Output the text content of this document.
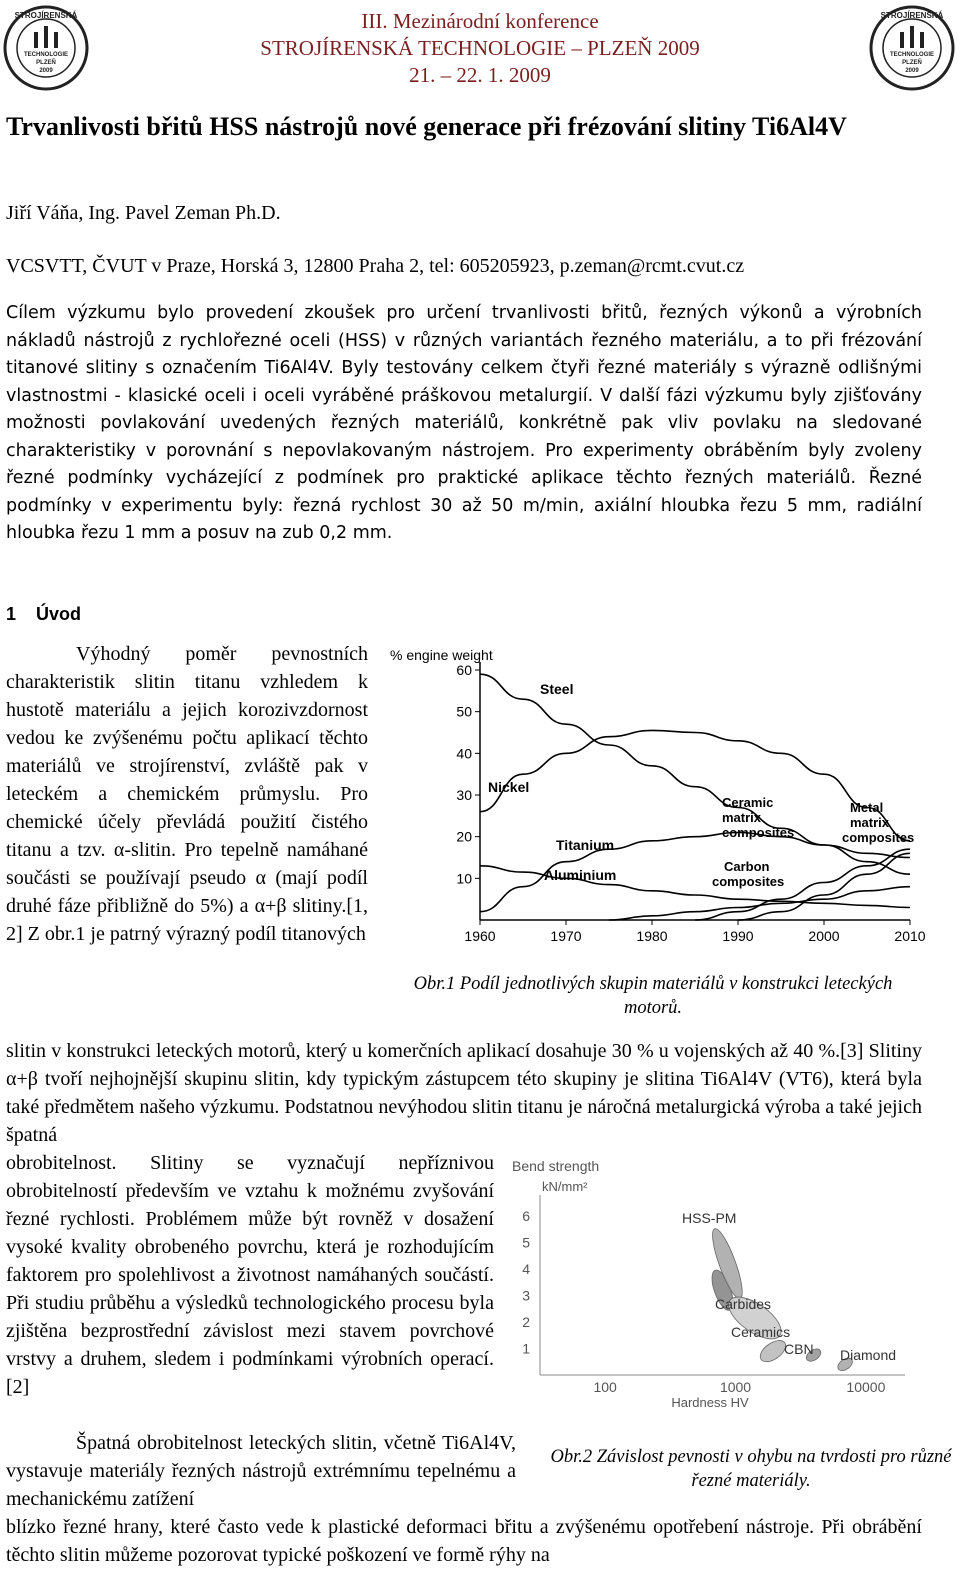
STROJÍRENSKÁ
TECHNOLOGIE
PLZEŇ
2009
STROJÍRENSKÁ
TECHNOLOGIE
PLZEŇ
2009
III. Mezinárodní konference
STROJÍRENSKÁ TECHNOLOGIE – PLZEŇ 2009
21. – 22. 1. 2009
Trvanlivosti břitů HSS nástrojů nové generace při frézování slitiny Ti6Al4V
Jiří Váňa, Ing. Pavel Zeman Ph.D.
VCSVTT, ČVUT v Praze, Horská 3, 12800 Praha 2, tel: 605205923, p.zeman@rcmt.cvut.cz
Cílem výzkumu bylo provedení zkoušek pro určení trvanlivosti břitů, řezných výkonů a výrobních nákladů nástrojů z rychlořezné oceli (HSS) v různých variantách řezného materiálu, a to při frézování titanové slitiny s označením Ti6Al4V. Byly testovány celkem čtyři řezné materiály s výrazně odlišnými vlastnostmi - klasické oceli i oceli vyráběné práškovou metalurgií. V další fázi výzkumu byly zjišťovány možnosti povlakování uvedených řezných materiálů, konkrétně pak vliv povlaku na sledované charakteristiky v porovnání s nepovlakovaným nástrojem. Pro experimenty obráběním byly zvoleny řezné podmínky vycházející z podmínek pro praktické aplikace těchto řezných materiálů. Řezné podmínky v experimentu byly: řezná rychlost 30 až 50 m/min, axiální hloubka řezu 5 mm, radiální hloubka řezu 1 mm a posuv na zub 0,2 mm.
1 Úvod
Výhodný poměr pevnostních charakteristik slitin titanu vzhledem k hustotě materiálu a jejich korozivzdornost vedou ke zvýšenému počtu aplikací těchto materiálů ve strojírenství, zvláště pak v leteckém a chemickém průmyslu. Pro chemické účely převládá použití čistého titanu a tzv. α-slitin. Pro tepelně namáhané součásti se používají pseudo α (mají podíl druhé fáze přibližně do 5%) a α+β slitiny.[1, 2] Z obr.1 je patrný výrazný podíl titanových
% engine weight
60
50
40
30
20
10
1960	1970	1980	1990	2000	2010
Steel
Nickel
Titanium
Aluminium
Ceramic
matrix
composites
Metal
matrix
composites
Carbon
composites
Obr.1 Podíl jednotlivých skupin materiálů v konstrukci leteckých motorů.
slitin v konstrukci leteckých motorů, který u komerčních aplikací dosahuje 30 % u vojenských až 40 %.[3] Slitiny α+β tvoří nejhojnější skupinu slitin, kdy typickým zástupcem této skupiny je slitina Ti6Al4V (VT6), která byla také předmětem našeho výzkumu. Podstatnou nevýhodou slitin titanu je náročná metalurgická výroba a také jejich špatná
obrobitelnost. Slitiny se vyznačují nepříznivou obrobitelností především ve vztahu k možnému zvyšování řezné rychlosti. Problémem může být rovněž v dosažení vysoké kvality obrobeného povrchu, která je rozhodujícím faktorem pro spolehlivost a životnost namáhaných součástí. Při studiu průběhu a výsledků technologického procesu byla zjištěna bezprostřední závislost mezi stavem povrchové vrstvy a druhem, sledem i podmínkami výrobních operací. [2]
Bend strength
kN/mm²
6
5
4
3
2
1
100	1000	10000
Hardness HV
HSS-PM
Conv.
HSS	Carbides
Ceramics
CBN Diamond
Špatná obrobitelnost leteckých slitin, včetně Ti6Al4V, vystavuje materiály řezných nástrojů extrémnímu tepelnému a mechanickému zatížení
Obr.2 Závislost pevnosti v ohybu na tvrdosti pro různé řezné materiály.
blízko řezné hrany, které často vede k plastické deformaci břitu a zvýšenému opotřebení nástroje. Při obrábění těchto slitin můžeme pozorovat typické poškození ve formě rýhy na
